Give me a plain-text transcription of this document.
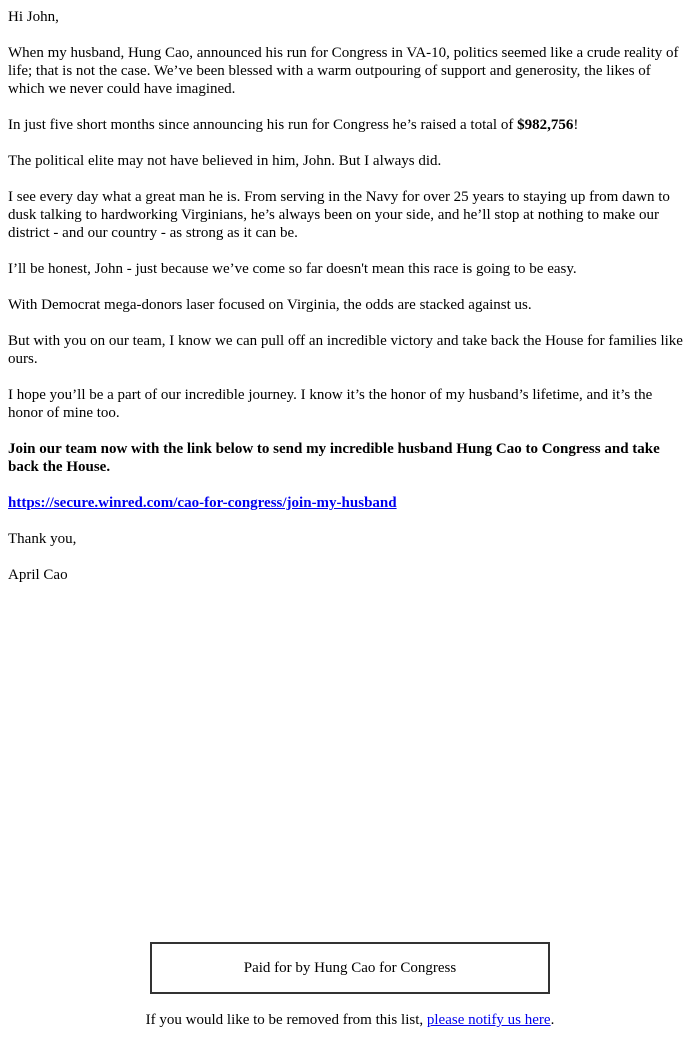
Hi John,

When my husband, Hung Cao, announced his run for Congress in VA-10, politics seemed like a crude reality of life; that is not the case. We’ve been blessed with a warm outpouring of support and generosity, the likes of which we never could have imagined.

In just five short months since announcing his run for Congress he’s raised a total of $982,756!

The political elite may not have believed in him, John. But I always did.

I see every day what a great man he is. From serving in the Navy for over 25 years to staying up from dawn to dusk talking to hardworking Virginians, he’s always been on your side, and he’ll stop at nothing to make our district - and our country - as strong as it can be.

I’ll be honest, John - just because we’ve come so far doesn't mean this race is going to be easy.

With Democrat mega-donors laser focused on Virginia, the odds are stacked against us.

But with you on our team, I know we can pull off an incredible victory and take back the House for families like ours.

I hope you’ll be a part of our incredible journey. I know it’s the honor of my husband’s lifetime, and it’s the honor of mine too.

Join our team now with the link below to send my incredible husband Hung Cao to Congress and take back the House.

https://secure.winred.com/cao-for-congress/join-my-husband

Thank you,

April Cao

Paid for by Hung Cao for Congress
If you would like to be removed from this list, please notify us here.
